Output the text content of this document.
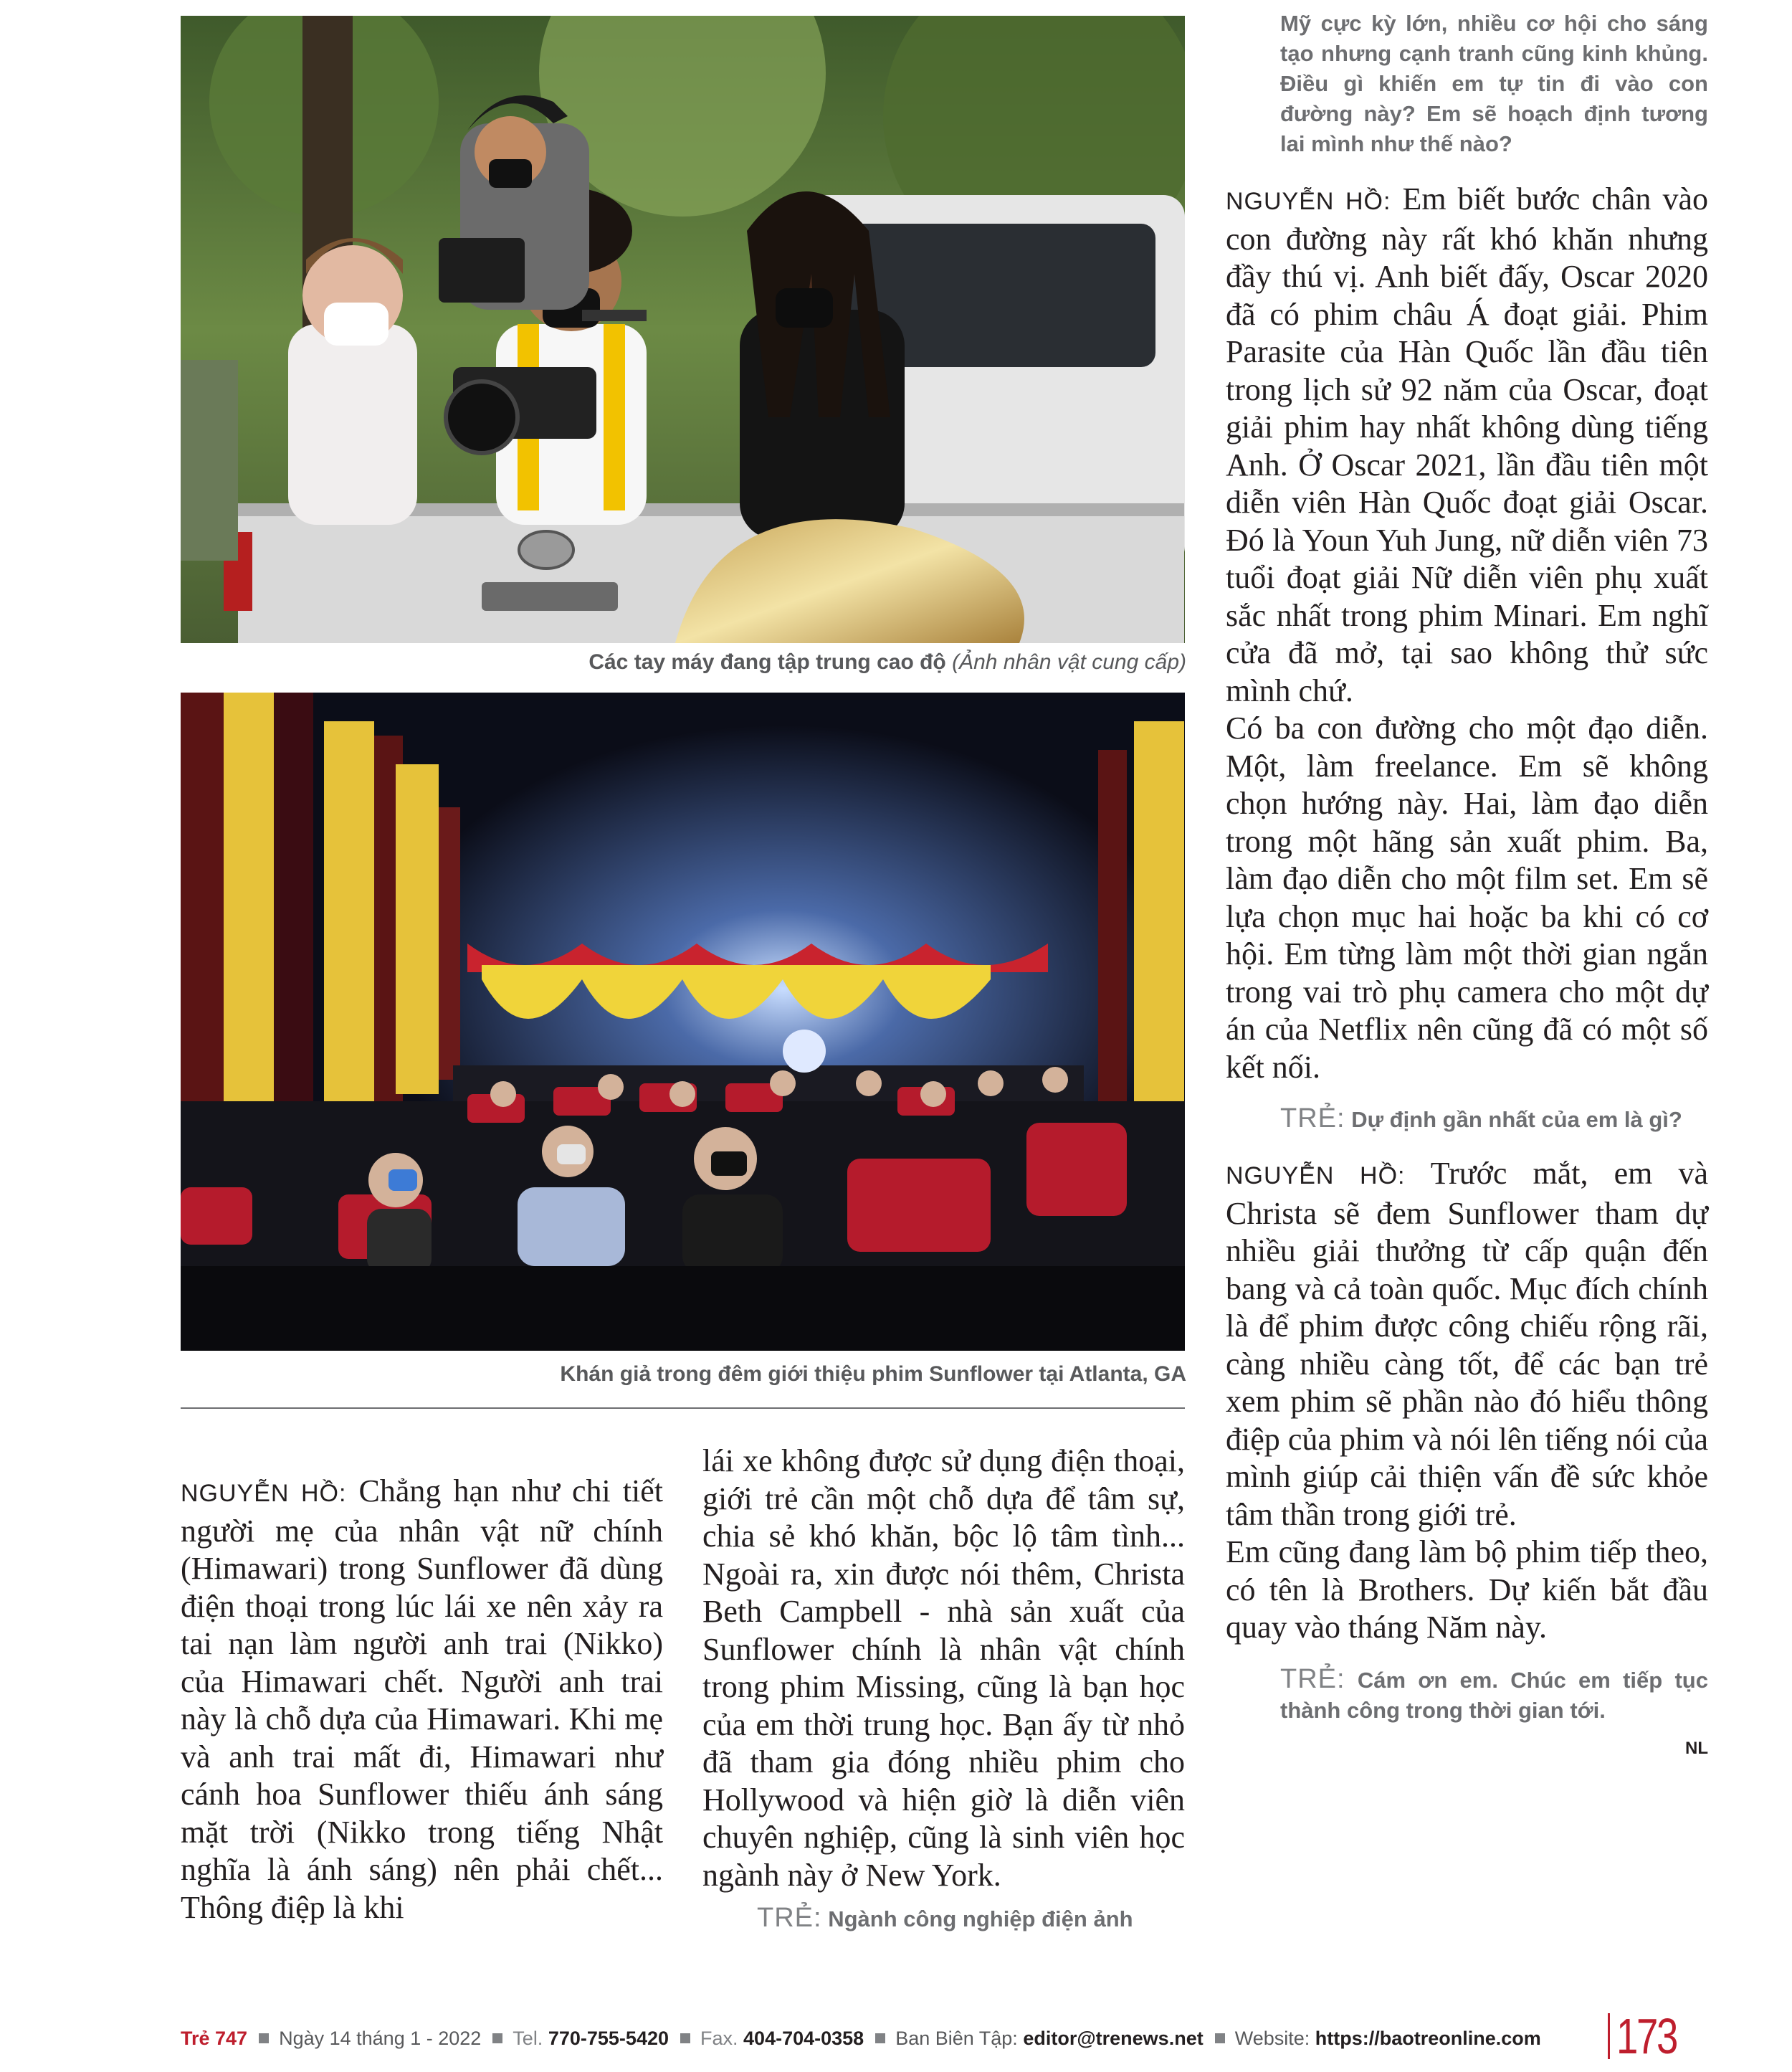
Các tay máy đang tập trung cao độ (Ảnh nhân vật cung cấp)
Khán giả trong đêm giới thiệu phim Sunflower tại Atlanta, GA

NGUYỄN HỒ: Chẳng hạn như chi tiết người mẹ của nhân vật nữ chính (Himawari) trong Sunflower đã dùng điện thoại trong lúc lái xe nên xảy ra tai nạn làm người anh trai (Nikko) của Himawari chết. Người anh trai này là chỗ dựa của Himawari. Khi mẹ và anh trai mất đi, Himawari như cánh hoa Sunflower thiếu ánh sáng mặt trời (Nikko trong tiếng Nhật nghĩa là ánh sáng) nên phải chết... Thông điệp là khi

lái xe không được sử dụng điện thoại, giới trẻ cần một chỗ dựa để tâm sự, chia sẻ khó khăn, bộc lộ tâm tình... Ngoài ra, xin được nói thêm, Christa Beth Campbell - nhà sản xuất của Sunflower chính là nhân vật chính trong phim Missing, cũng là bạn học của em thời trung học. Bạn ấy từ nhỏ đã tham gia đóng nhiều phim cho Hollywood và hiện giờ là diễn viên chuyên nghiệp, cũng là sinh viên học ngành này ở New York.

TRẺ: Ngành công nghiệp điện ảnh

Mỹ cực kỳ lớn, nhiều cơ hội cho sáng tạo nhưng cạnh tranh cũng kinh khủng. Điều gì khiến em tự tin đi vào con đường này? Em sẽ hoạch định tương lai mình như thế nào?

NGUYỄN HỒ: Em biết bước chân vào con đường này rất khó khăn nhưng đầy thú vị. Anh biết đấy, Oscar 2020 đã có phim châu Á đoạt giải. Phim Parasite của Hàn Quốc lần đầu tiên trong lịch sử 92 năm của Oscar, đoạt giải phim hay nhất không dùng tiếng Anh. Ở Oscar 2021, lần đầu tiên một diễn viên Hàn Quốc đoạt giải Oscar. Đó là Youn Yuh Jung, nữ diễn viên 73 tuổi đoạt giải Nữ diễn viên phụ xuất sắc nhất trong phim Minari. Em nghĩ cửa đã mở, tại sao không thử sức mình chứ.

Có ba con đường cho một đạo diễn. Một, làm freelance. Em sẽ không chọn hướng này. Hai, làm đạo diễn trong một hãng sản xuất phim. Ba, làm đạo diễn cho một film set. Em sẽ lựa chọn mục hai hoặc ba khi có cơ hội. Em từng làm một thời gian ngắn trong vai trò phụ camera cho một dự án của Netflix nên cũng đã có một số kết nối.

TRẺ: Dự định gần nhất của em là gì?

NGUYỄN HỒ: Trước mắt, em và Christa sẽ đem Sunflower tham dự nhiều giải thưởng từ cấp quận đến bang và cả toàn quốc. Mục đích chính là để phim được công chiếu rộng rãi, càng nhiều càng tốt, để các bạn trẻ xem phim sẽ phần nào đó hiểu thông điệp của phim và nói lên tiếng nói của mình giúp cải thiện vấn đề sức khỏe tâm thần trong giới trẻ.

Em cũng đang làm bộ phim tiếp theo, có tên là Brothers. Dự kiến bắt đầu quay vào tháng Năm này.

TRẺ: Cám ơn em. Chúc em tiếp tục thành công trong thời gian tới.

NL

Trẻ 747 Ngày 14 tháng 1 - 2022 Tel.
770-755-5420 Fax.
404-704-0358 Ban Biên Tập:
editor@trenews.net Website:
https://baotreonline.com 173
